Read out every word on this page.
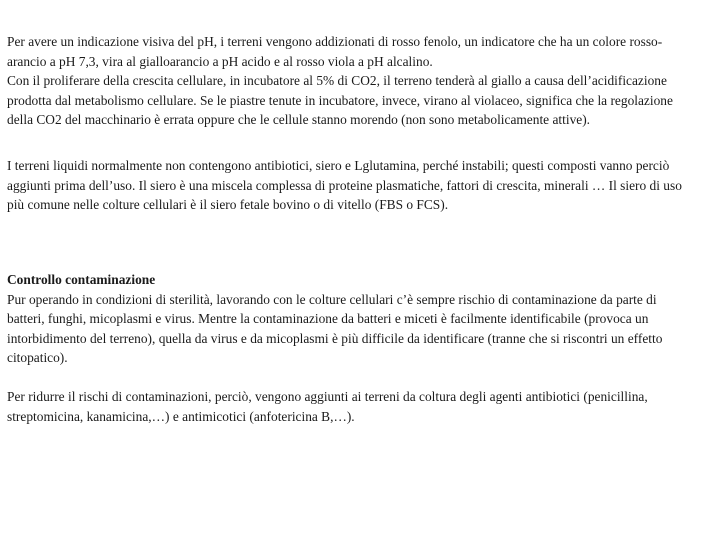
Per avere un indicazione visiva del pH, i terreni vengono addizionati di rosso fenolo, un indicatore che ha un colore rosso-arancio a pH 7,3, vira al gialloarancio a pH acido e al rosso viola a pH alcalino.

Con il proliferare della crescita cellulare, in incubatore al 5% di CO2, il terreno tenderà al giallo a causa dell’acidificazione prodotta dal metabolismo cellulare. Se le piastre tenute in incubatore, invece, virano al violaceo, significa che la regolazione della CO2 del macchinario è errata oppure che le cellule stanno morendo (non sono metabolicamente attive).

I terreni liquidi normalmente non contengono antibiotici, siero e Lglutamina, perché instabili; questi composti vanno perciò aggiunti prima dell’uso. Il siero è una miscela complessa di proteine plasmatiche, fattori di crescita, minerali … Il siero di uso più comune nelle colture cellulari è il siero fetale bovino o di vitello (FBS o FCS).

Controllo contaminazione

Pur operando in condizioni di sterilità, lavorando con le colture cellulari c’è sempre rischio di contaminazione da parte di batteri, funghi, micoplasmi e virus. Mentre la contaminazione da batteri e miceti è facilmente identificabile (provoca un intorbidimento del terreno), quella da virus e da micoplasmi è più difficile da identificare (tranne che si riscontri un effetto citopatico).

Per ridurre il rischi di contaminazioni, perciò, vengono aggiunti ai terreni da coltura degli agenti antibiotici (penicillina, streptomicina, kanamicina,…) e antimicotici (anfotericina B,…).
